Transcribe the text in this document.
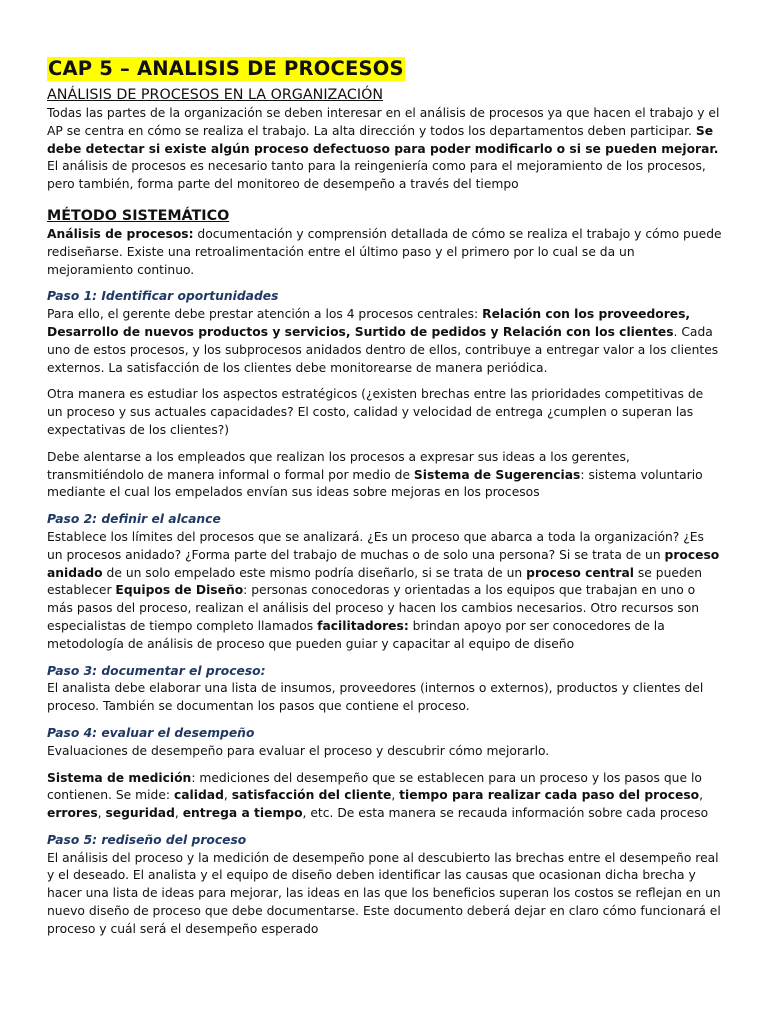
CAP 5 – ANALISIS DE PROCESOS
ANÁLISIS DE PROCESOS EN LA ORGANIZACIÓN

Todas las partes de la organización se deben interesar en el análisis de procesos ya que hacen el trabajo y el AP se centra en cómo se realiza el trabajo. La alta dirección y todos los departamentos deben participar. Se debe detectar si existe algún proceso defectuoso para poder modificarlo o si se pueden mejorar. El análisis de procesos es necesario tanto para la reingeniería como para el mejoramiento de los procesos, pero también, forma parte del monitoreo de desempeño a través del tiempo

MÉTODO SISTEMÁTICO

Análisis de procesos: documentación y comprensión detallada de cómo se realiza el trabajo y cómo puede rediseñarse. Existe una retroalimentación entre el último paso y el primero por lo cual se da un mejoramiento continuo.

Paso 1: Identificar oportunidades

Para ello, el gerente debe prestar atención a los 4 procesos centrales: Relación con los proveedores, Desarrollo de nuevos productos y servicios, Surtido de pedidos y Relación con los clientes. Cada uno de estos procesos, y los subprocesos anidados dentro de ellos, contribuye a entregar valor a los clientes externos. La satisfacción de los clientes debe monitorearse de manera periódica.

Otra manera es estudiar los aspectos estratégicos (¿existen brechas entre las prioridades competitivas de un proceso y sus actuales capacidades? El costo, calidad y velocidad de entrega ¿cumplen o superan las expectativas de los clientes?)

Debe alentarse a los empleados que realizan los procesos a expresar sus ideas a los gerentes, transmitiéndolo de manera informal o formal por medio de Sistema de Sugerencias: sistema voluntario mediante el cual los empelados envían sus ideas sobre mejoras en los procesos

Paso 2: definir el alcance

Establece los límites del procesos que se analizará. ¿Es un proceso que abarca a toda la organización? ¿Es un procesos anidado? ¿Forma parte del trabajo de muchas o de solo una persona? Si se trata de un proceso anidado de un solo empelado este mismo podría diseñarlo, si se trata de un proceso central se pueden establecer Equipos de Diseño: personas conocedoras y orientadas a los equipos que trabajan en uno o más pasos del proceso, realizan el análisis del proceso y hacen los cambios necesarios. Otro recursos son especialistas de tiempo completo llamados facilitadores: brindan apoyo por ser conocedores de la metodología de análisis de proceso que pueden guiar y capacitar al equipo de diseño

Paso 3: documentar el proceso:

El analista debe elaborar una lista de insumos, proveedores (internos o externos), productos y clientes del proceso. También se documentan los pasos que contiene el proceso.

Paso 4: evaluar el desempeño

Evaluaciones de desempeño para evaluar el proceso y descubrir cómo mejorarlo.

Sistema de medición: mediciones del desempeño que se establecen para un proceso y los pasos que lo contienen. Se mide: calidad, satisfacción del cliente, tiempo para realizar cada paso del proceso, errores, seguridad, entrega a tiempo, etc. De esta manera se recauda información sobre cada proceso

Paso 5: rediseño del proceso

El análisis del proceso y la medición de desempeño pone al descubierto las brechas entre el desempeño real y el deseado. El analista y el equipo de diseño deben identificar las causas que ocasionan dicha brecha y hacer una lista de ideas para mejorar, las ideas en las que los beneficios superan los costos se reflejan en un nuevo diseño de proceso que debe documentarse. Este documento deberá dejar en claro cómo funcionará el proceso y cuál será el desempeño esperado
